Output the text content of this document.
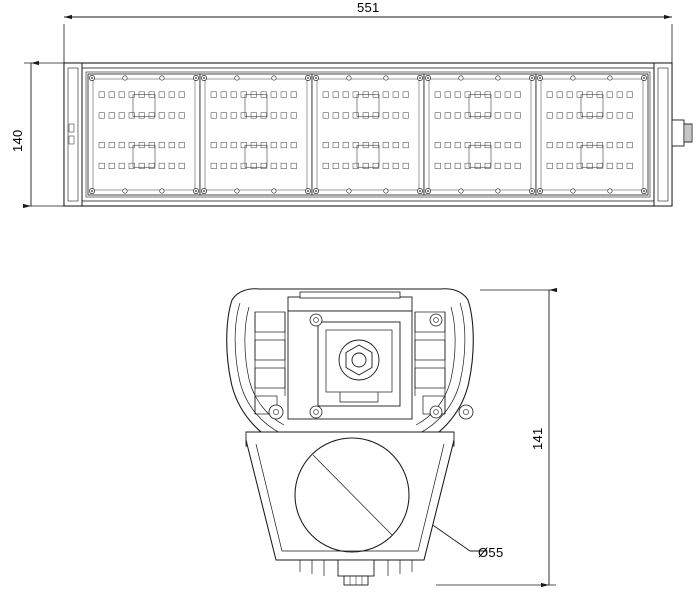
551
140
141
Ø55
